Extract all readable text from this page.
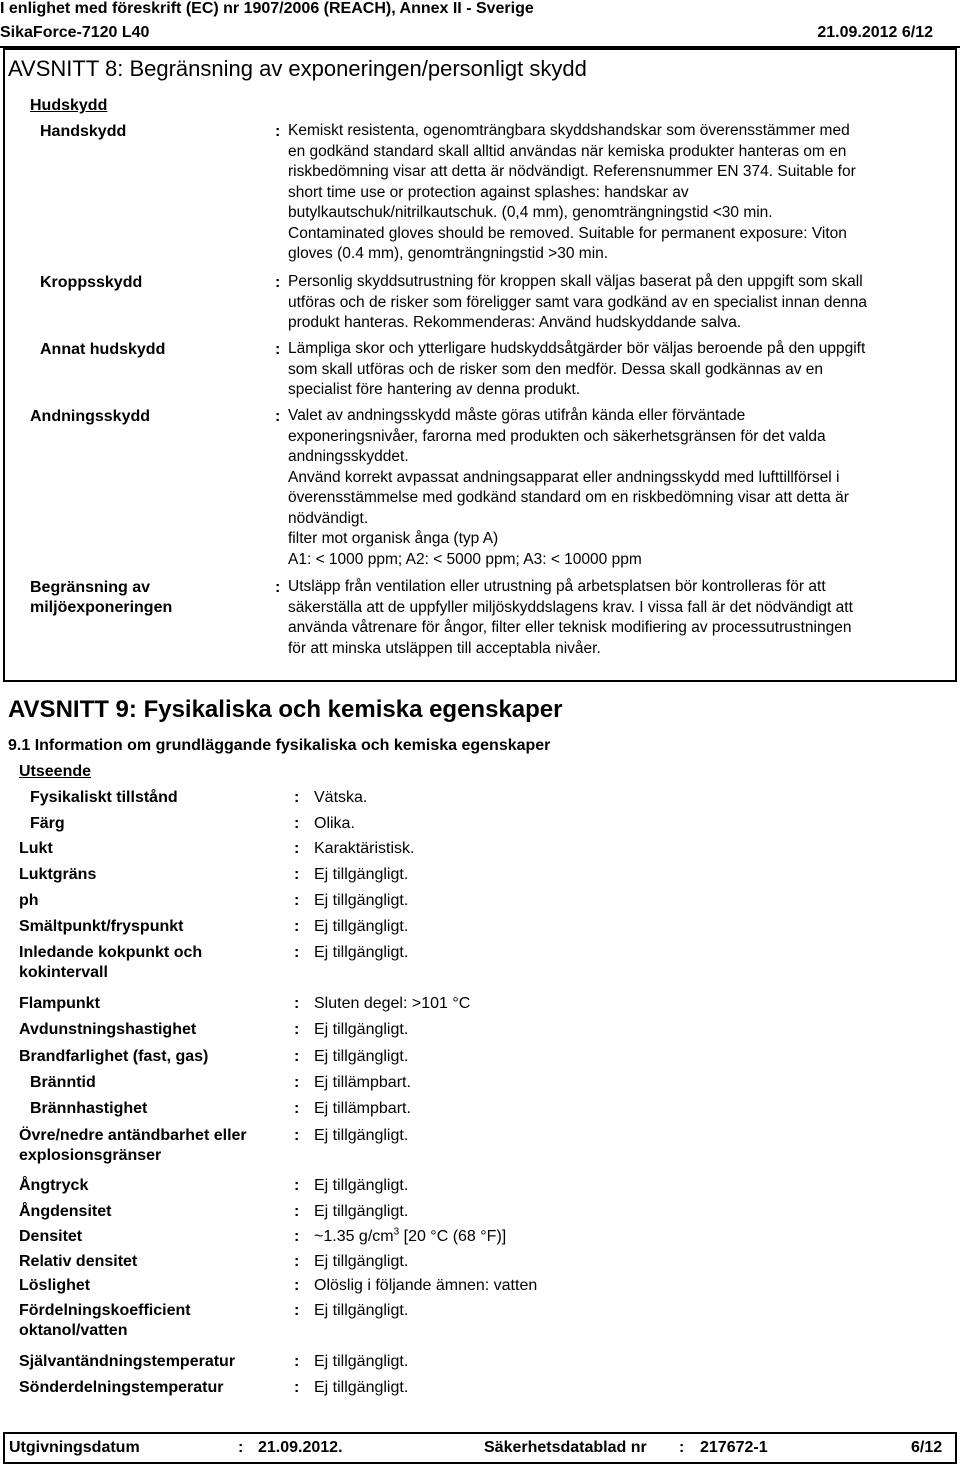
I enlighet med föreskrift (EC) nr 1907/2006 (REACH), Annex II - Sverige
SikaForce-7120 L40	21.09.2012 6/12
AVSNITT 8: Begränsning av exponeringen/personligt skydd
Hudskydd
Handskydd	: Kemiskt resistenta, ogenomträngbara skyddshandskar som överensstämmer med
en godkänd standard skall alltid användas när kemiska produkter hanteras om en
riskbedömning visar att detta är nödvändigt. Referensnummer EN 374. Suitable for
short time use or protection against splashes: handskar av
butylkautschuk/nitrilkautschuk. (0,4 mm), genomträngningstid <30 min.
Contaminated gloves should be removed. Suitable for permanent exposure: Viton
gloves (0.4 mm), genomträngningstid >30 min.
Kroppsskydd	: Personlig skyddsutrustning för kroppen skall väljas baserat på den uppgift som skall
utföras och de risker som föreligger samt vara godkänd av en specialist innan denna
produkt hanteras. Rekommenderas: Använd hudskyddande salva.
Annat hudskydd	: Lämpliga skor och ytterligare hudskyddsåtgärder bör väljas beroende på den uppgift
som skall utföras och de risker som den medför. Dessa skall godkännas av en
specialist före hantering av denna produkt.
Andningsskydd	: Valet av andningsskydd måste göras utifrån kända eller förväntade
exponeringsnivåer, farorna med produkten och säkerhetsgränsen för det valda
andningsskyddet.
Använd korrekt avpassat andningsapparat eller andningsskydd med lufttillförsel i
överensstämmelse med godkänd standard om en riskbedömning visar att detta är
nödvändigt.
filter mot organisk ånga (typ A)
A1: < 1000 ppm; A2: < 5000 ppm; A3: < 10000 ppm
Begränsning av
miljöexponeringen
: Utsläpp från ventilation eller utrustning på arbetsplatsen bör kontrolleras för att
säkerställa att de uppfyller miljöskyddslagens krav. I vissa fall är det nödvändigt att
använda våtrenare för ångor, filter eller teknisk modifiering av processutrustningen
för att minska utsläppen till acceptabla nivåer.
AVSNITT 9: Fysikaliska och kemiska egenskaper
9.1 Information om grundläggande fysikaliska och kemiska egenskaper
Utseende
Fysikaliskt tillstånd	: Vätska.
Färg	: Olika.
Lukt	: Karaktäristisk.
Luktgräns	: Ej tillgängligt.
ph	: Ej tillgängligt.
Smältpunkt/fryspunkt	: Ej tillgängligt.
Inledande kokpunkt och
kokintervall
: Ej tillgängligt.
Flampunkt	: Sluten degel: >101 °C
Avdunstningshastighet	: Ej tillgängligt.
Brandfarlighet (fast, gas)	: Ej tillgängligt.
Bränntid	: Ej tillämpbart.
Brännhastighet	: Ej tillämpbart.
Övre/nedre antändbarhet eller
explosionsgränser
: Ej tillgängligt.
Ångtryck	: Ej tillgängligt.
Ångdensitet	: Ej tillgängligt.
Densitet	: ~1.35 $g/cm^3$ [20 °C (68 °F)]
Relativ densitet	: Ej tillgängligt.
Löslighet	: Olöslig i följande ämnen: vatten
Fördelningskoefficient
oktanol/vatten
: Ej tillgängligt.
Självantändningstemperatur	: Ej tillgängligt.
Sönderdelningstemperatur	: Ej tillgängligt.
Utgivningsdatum	: 21.09.2012.	Säkerhetsdatablad nr : 217672-1	6/12
